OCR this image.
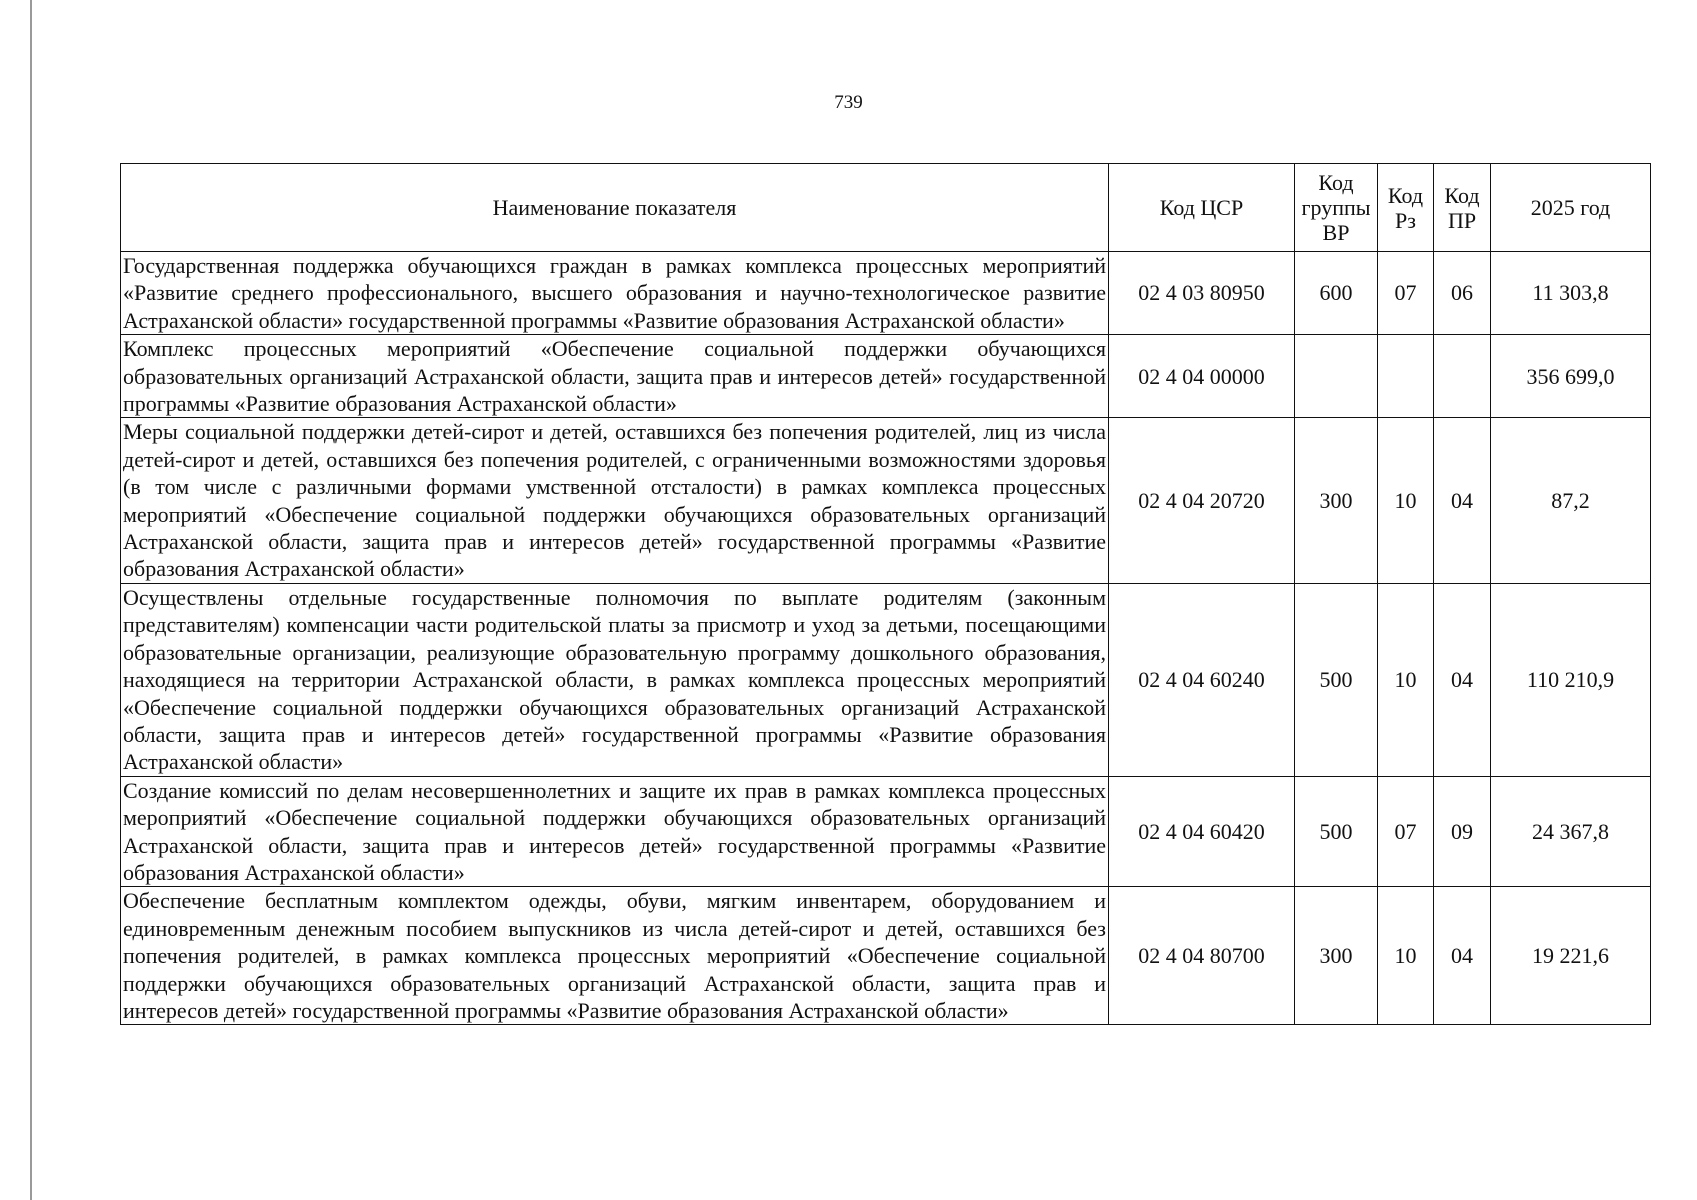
739
Наименование показателя	Код ЦСР	Код группы ВР	Код Рз	Код ПР	2025 год
Государственная поддержка обучающихся граждан в рамках комплекса процессных мероприятий «Развитие среднего профессионального, высшего образования и научно-технологическое развитие Астраханской области» государственной программы «Развитие образования Астраханской области»	02 4 03 80950	600	07	06	11 303,8
Комплекс процессных мероприятий «Обеспечение социальной поддержки обучающихся образовательных организаций Астраханской области, защита прав и интересов детей» государственной программы «Развитие образования Астраханской области»	02 4 04 00000				356 699,0
Меры социальной поддержки детей-сирот и детей, оставшихся без попечения родителей, лиц из числа детей-сирот и детей, оставшихся без попечения родителей, с ограниченными возможностями здоровья (в том числе с различными формами умственной отсталости) в рамках комплекса процессных мероприятий «Обеспечение социальной поддержки обучающихся образовательных организаций Астраханской области, защита прав и интересов детей» государственной программы «Развитие образования Астраханской области»	02 4 04 20720	300	10	04	87,2
Осуществлены отдельные государственные полномочия по выплате родителям (законным представителям) компенсации части родительской платы за присмотр и уход за детьми, посещающими образовательные организации, реализующие образовательную программу дошкольного образования, находящиеся на территории Астраханской области, в рамках комплекса процессных мероприятий «Обеспечение социальной поддержки обучающихся образовательных организаций Астраханской области, защита прав и интересов детей» государственной программы «Развитие образования Астраханской области»	02 4 04 60240	500	10	04	110 210,9
Создание комиссий по делам несовершеннолетних и защите их прав в рамках комплекса процессных мероприятий «Обеспечение социальной поддержки обучающихся образовательных организаций Астраханской области, защита прав и интересов детей» государственной программы «Развитие образования Астраханской области»	02 4 04 60420	500	07	09	24 367,8
Обеспечение бесплатным комплектом одежды, обуви, мягким инвентарем, оборудованием и единовременным денежным пособием выпускников из числа детей-сирот и детей, оставшихся без попечения родителей, в рамках комплекса процессных мероприятий «Обеспечение социальной поддержки обучающихся образовательных организаций Астраханской области, защита прав и интересов детей» государственной программы «Развитие образования Астраханской области»	02 4 04 80700	300	10	04	19 221,6
